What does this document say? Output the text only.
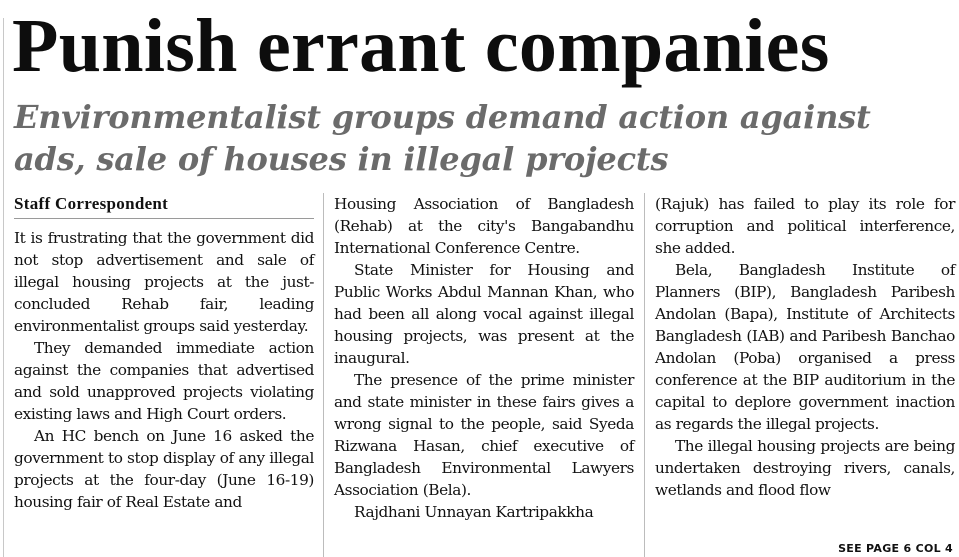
Punish errant companies
Environmentalist groups demand action against ads, sale of houses in illegal projects
Staff Correspondent

It is frustrating that the government did not stop advertisement and sale of illegal housing projects at the just-concluded Rehab fair, leading environmentalist groups said yesterday.

They demanded immediate action against the companies that advertised and sold unapproved projects violating existing laws and High Court orders.

An HC bench on June 16 asked the government to stop display of any illegal projects at the four-day (June 16-19) housing fair of Real Estate and

Housing Association of Bangladesh (Rehab) at the city's Bangabandhu International Conference Centre.

State Minister for Housing and Public Works Abdul Mannan Khan, who had been all along vocal against illegal housing projects, was present at the inaugural.

The presence of the prime minister and state minister in these fairs gives a wrong signal to the people, said Syeda Rizwana Hasan, chief executive of Bangladesh Environmental Lawyers Association (Bela).

Rajdhani Unnayan Kartripakkha

(Rajuk) has failed to play its role for corruption and political interference, she added.

Bela, Bangladesh Institute of Planners (BIP), Bangladesh Paribesh Andolan (Bapa), Institute of Architects Bangladesh (IAB) and Paribesh Banchao Andolan (Poba) organised a press conference at the BIP auditorium in the capital to deplore government inaction as regards the illegal projects.

The illegal housing projects are being undertaken destroying rivers, canals, wetlands and flood flow

SEE PAGE 6 COL 4
